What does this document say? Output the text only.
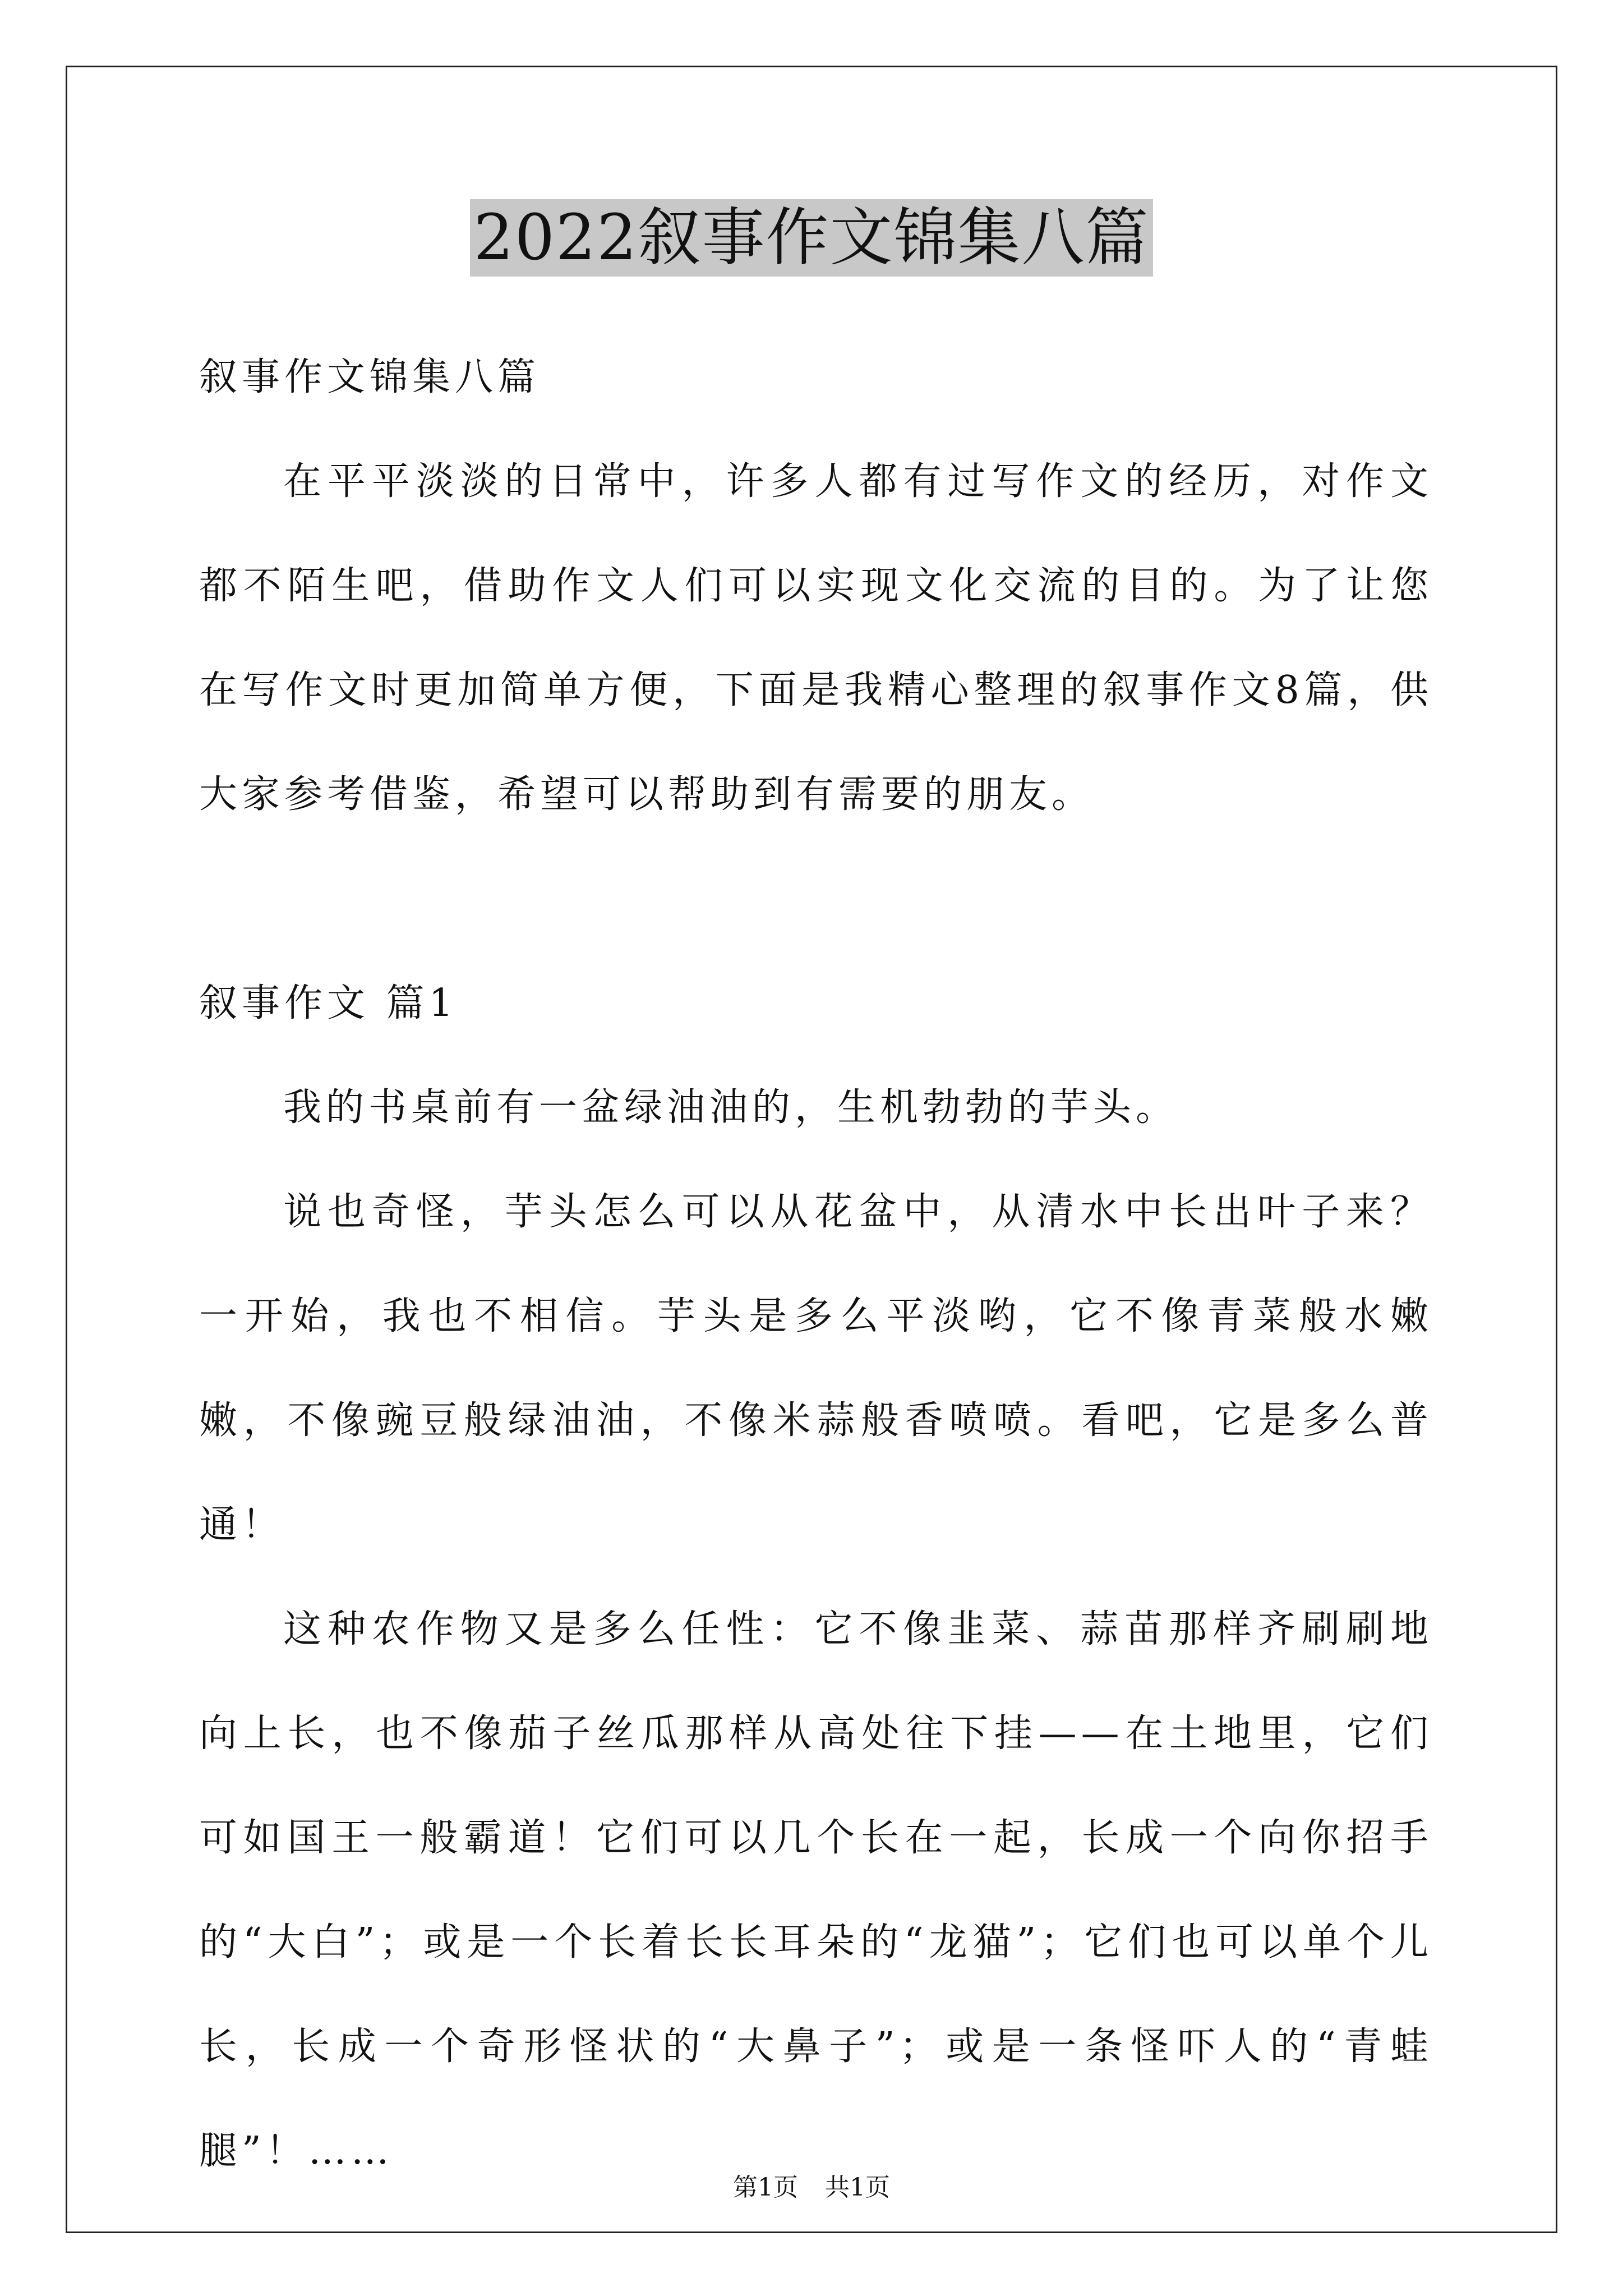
2022叙事作文锦集八篇

叙事作文锦集八篇

在平平淡淡的日常中，许多人都有过写作文的经历，对作文都不陌生吧，借助作文人们可以实现文化交流的目的。为了让您在写作文时更加简单方便，下面是我精心整理的叙事作文8篇，供大家参考借鉴，希望可以帮助到有需要的朋友。

叙事作文 篇1

我的书桌前有一盆绿油油的，生机勃勃的芋头。

说也奇怪，芋头怎么可以从花盆中，从清水中长出叶子来？一开始，我也不相信。芋头是多么平淡哟，它不像青菜般水嫩嫩，不像豌豆般绿油油，不像米蒜般香喷喷。看吧，它是多么普通！

这种农作物又是多么任性：它不像韭菜、蒜苗那样齐刷刷地向上长，也不像茄子丝瓜那样从高处往下挂——在土地里，它们可如国王一般霸道！它们可以几个长在一起，长成一个向你招手的“大白”；或是一个长着长长耳朵的“龙猫”；它们也可以单个儿长，长成一个奇形怪状的“大鼻子”；或是一条怪吓人的“青蛙腿”！……

第1页 共1页
